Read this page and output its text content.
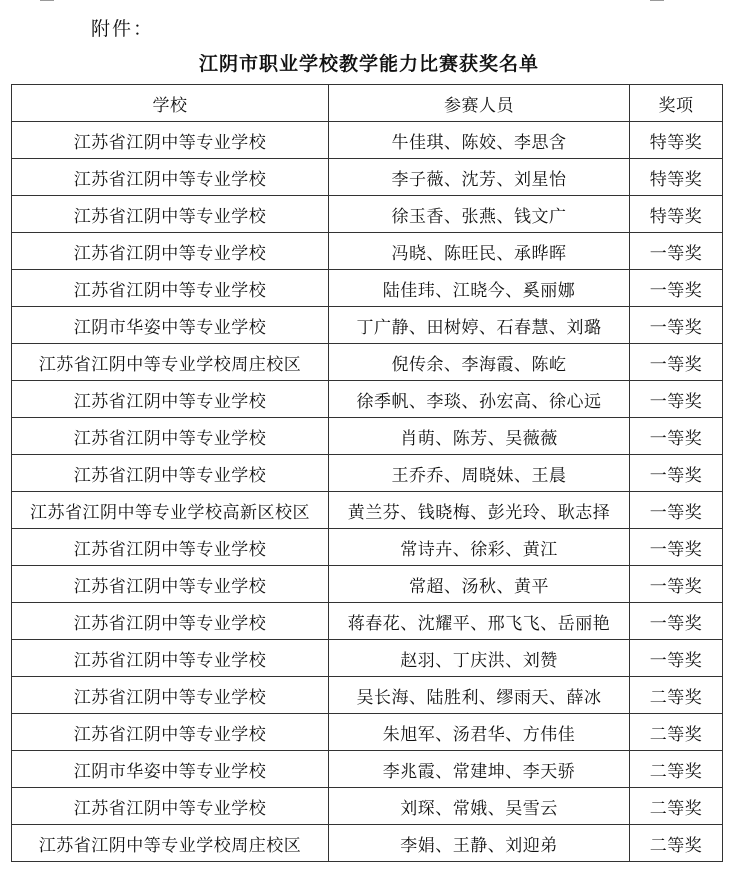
附件：
江阴市职业学校教学能力比赛获奖名单
学校	参赛人员	奖项
江苏省江阴中等专业学校	牛佳琪、陈姣、李思含	特等奖
江苏省江阴中等专业学校	李子薇、沈芳、刘星怡	特等奖
江苏省江阴中等专业学校	徐玉香、张燕、钱文广	特等奖
江苏省江阴中等专业学校	冯晓、陈旺民、承晔晖	一等奖
江苏省江阴中等专业学校	陆佳玮、江晓今、奚丽娜	一等奖
江阴市华姿中等专业学校	丁广静、田树婷、石春慧、刘璐	一等奖
江苏省江阴中等专业学校周庄校区	倪传余、李海霞、陈屹	一等奖
江苏省江阴中等专业学校	徐季帆、李琰、孙宏高、徐心远	一等奖
江苏省江阴中等专业学校	肖萌、陈芳、吴薇薇	一等奖
江苏省江阴中等专业学校	王乔乔、周晓妹、王晨	一等奖
江苏省江阴中等专业学校高新区校区	黄兰芬、钱晓梅、彭光玲、耿志择	一等奖
江苏省江阴中等专业学校	常诗卉、徐彩、黄江	一等奖
江苏省江阴中等专业学校	常超、汤秋、黄平	一等奖
江苏省江阴中等专业学校	蒋春花、沈耀平、邢飞飞、岳丽艳	一等奖
江苏省江阴中等专业学校	赵羽、丁庆洪、刘赞	一等奖
江苏省江阴中等专业学校	吴长海、陆胜利、缪雨天、薛冰	二等奖
江苏省江阴中等专业学校	朱旭军、汤君华、方伟佳	二等奖
江阴市华姿中等专业学校	李兆霞、常建坤、李天骄	二等奖
江苏省江阴中等专业学校	刘琛、常娥、吴雪云	二等奖
江苏省江阴中等专业学校周庄校区	李娟、王静、刘迎弟	二等奖
